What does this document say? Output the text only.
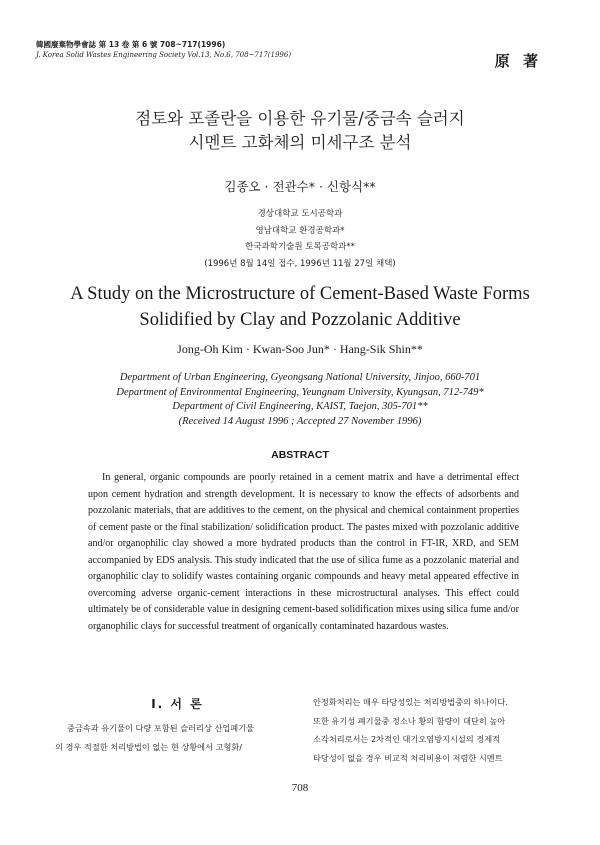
韓國廢棄物學會誌 第 13 卷 第 6 號 708~717(1996)
J. Korea Solid Wastes Engineering Society Vol.13, No.6, 708~717(1996)	原 著
점토와 포졸란을 이용한 유기물/중금속 슬러지
시멘트 고화체의 미세구조 분석
김종오 · 전관수* · 신항식**
경상대학교 도시공학과
영남대학교 환경공학과*
한국과학기술원 토목공학과**
(1996년 8월 14일 접수, 1996년 11월 27일 채택)
A Study on the Microstructure of Cement-Based Waste Forms
Solidified by Clay and Pozzolanic Additive
Jong-Oh Kim · Kwan-Soo Jun* · Hang-Sik Shin**
Department of Urban Engineering, Gyeongsang National University, Jinjoo, 660-701
Department of Environmental Engineering, Yeungnam University, Kyungsan, 712-749*
Department of Civil Engineering, KAIST, Taejon, 305-701**
(Received 14 August 1996 ; Accepted 27 November 1996)
ABSTRACT
In general, organic compounds are poorly retained in a cement matrix and have a detrimental effect upon cement hydration and strength development. It is necessary to know the effects of adsorbents and pozzolanic materials, that are additives to the cement, on the physical and chemical containment properties of cement paste or the final stabilization/ solidification product. The pastes mixed with pozzolanic additive and/or organophilic clay showed a more hydrated products than the control in FT-IR, XRD, and SEM accompanied by EDS analysis. This study indicated that the use of silica fume as a pozzolanic material and organophilic clay to solidify wastes containing organic compounds and heavy metal appeared effective in overcoming adverse organic-cement interactions in these microstructural analyses. This effect could ultimately be of considerable value in designing cement-based solidification mixes using silica fume and/or organophilic clays for successful treatment of organically contaminated hazardous wastes.
I. 서 론

중금속과 유기물이 다량 포함된 슬러리상 산업폐기물
의 경우 적절한 처리방법이 없는 현 상황에서 고형화/

안정화처리는 매우 타당성있는 처리방법중의 하나이다.
또한 유기성 폐기물중 정소나 황의 함량이 대단히 높아
소각처리로서는 2차적인 대기오염방지시설의 경제적
타당성이 없을 경우 비교적 처리비용이 저렴한 시멘트
708
